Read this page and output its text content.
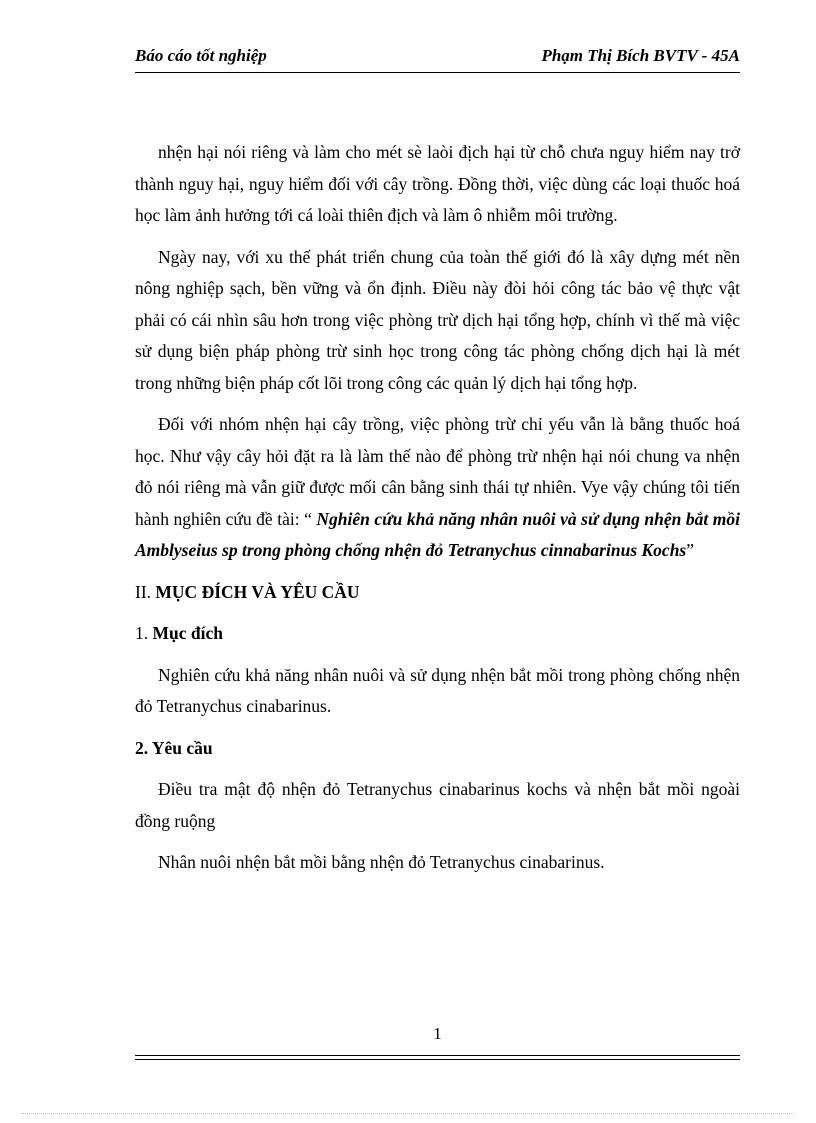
Báo cáo tốt nghiệp	Phạm Thị Bích BVTV - 45A

nhện hại nói riêng và làm cho mét sè laòi địch hại từ chỗ chưa nguy hiểm nay trở thành nguy hại, nguy hiểm đối với cây trồng. Đồng thời, việc dùng các loại thuốc hoá học làm ảnh hưởng tới cá loài thiên địch và làm ô nhiễm môi trường.

Ngày nay, với xu thế phát triển chung của toàn thế giới đó là xây dựng mét nền nông nghiệp sạch, bền vững và ổn định. Điều này đòi hỏi công tác bảo vệ thực vật phải có cái nhìn sâu hơn trong việc phòng trừ dịch hại tổng hợp, chính vì thế mà việc sử dụng biện pháp phòng trừ sinh học trong công tác phòng chống dịch hại là mét trong những biện pháp cốt lõi trong công các quản lý dịch hại tổng hợp.

Đối với nhóm nhện hại cây trồng, việc phòng trừ chỉ yếu vẫn là bằng thuốc hoá học. Như vậy cây hỏi đặt ra là làm thế nào để phòng trừ nhện hại nói chung va nhện đỏ nói riêng mà vẫn giữ được mối cân bằng sinh thái tự nhiên. Vye vậy chúng tôi tiến hành nghiên cứu đề tài: “ Nghiên cứu khả năng nhân nuôi và sử dụng nhện bắt mồi Amblyseius sp trong phòng chống nhện đỏ Tetranychus cinnabarinus Kochs”

II. MỤC ĐÍCH VÀ YÊU CẦU

1. Mục đích

Nghiên cứu khả năng nhân nuôi và sử dụng nhện bắt mồi trong phòng chống nhện đỏ Tetranychus cinabarinus.

2. Yêu cầu

Điều tra mật độ nhện đỏ Tetranychus cinabarinus kochs và nhện bắt mồi ngoài đồng ruộng

Nhân nuôi nhện bắt mồi bằng nhện đỏ Tetranychus cinabarinus.

1
